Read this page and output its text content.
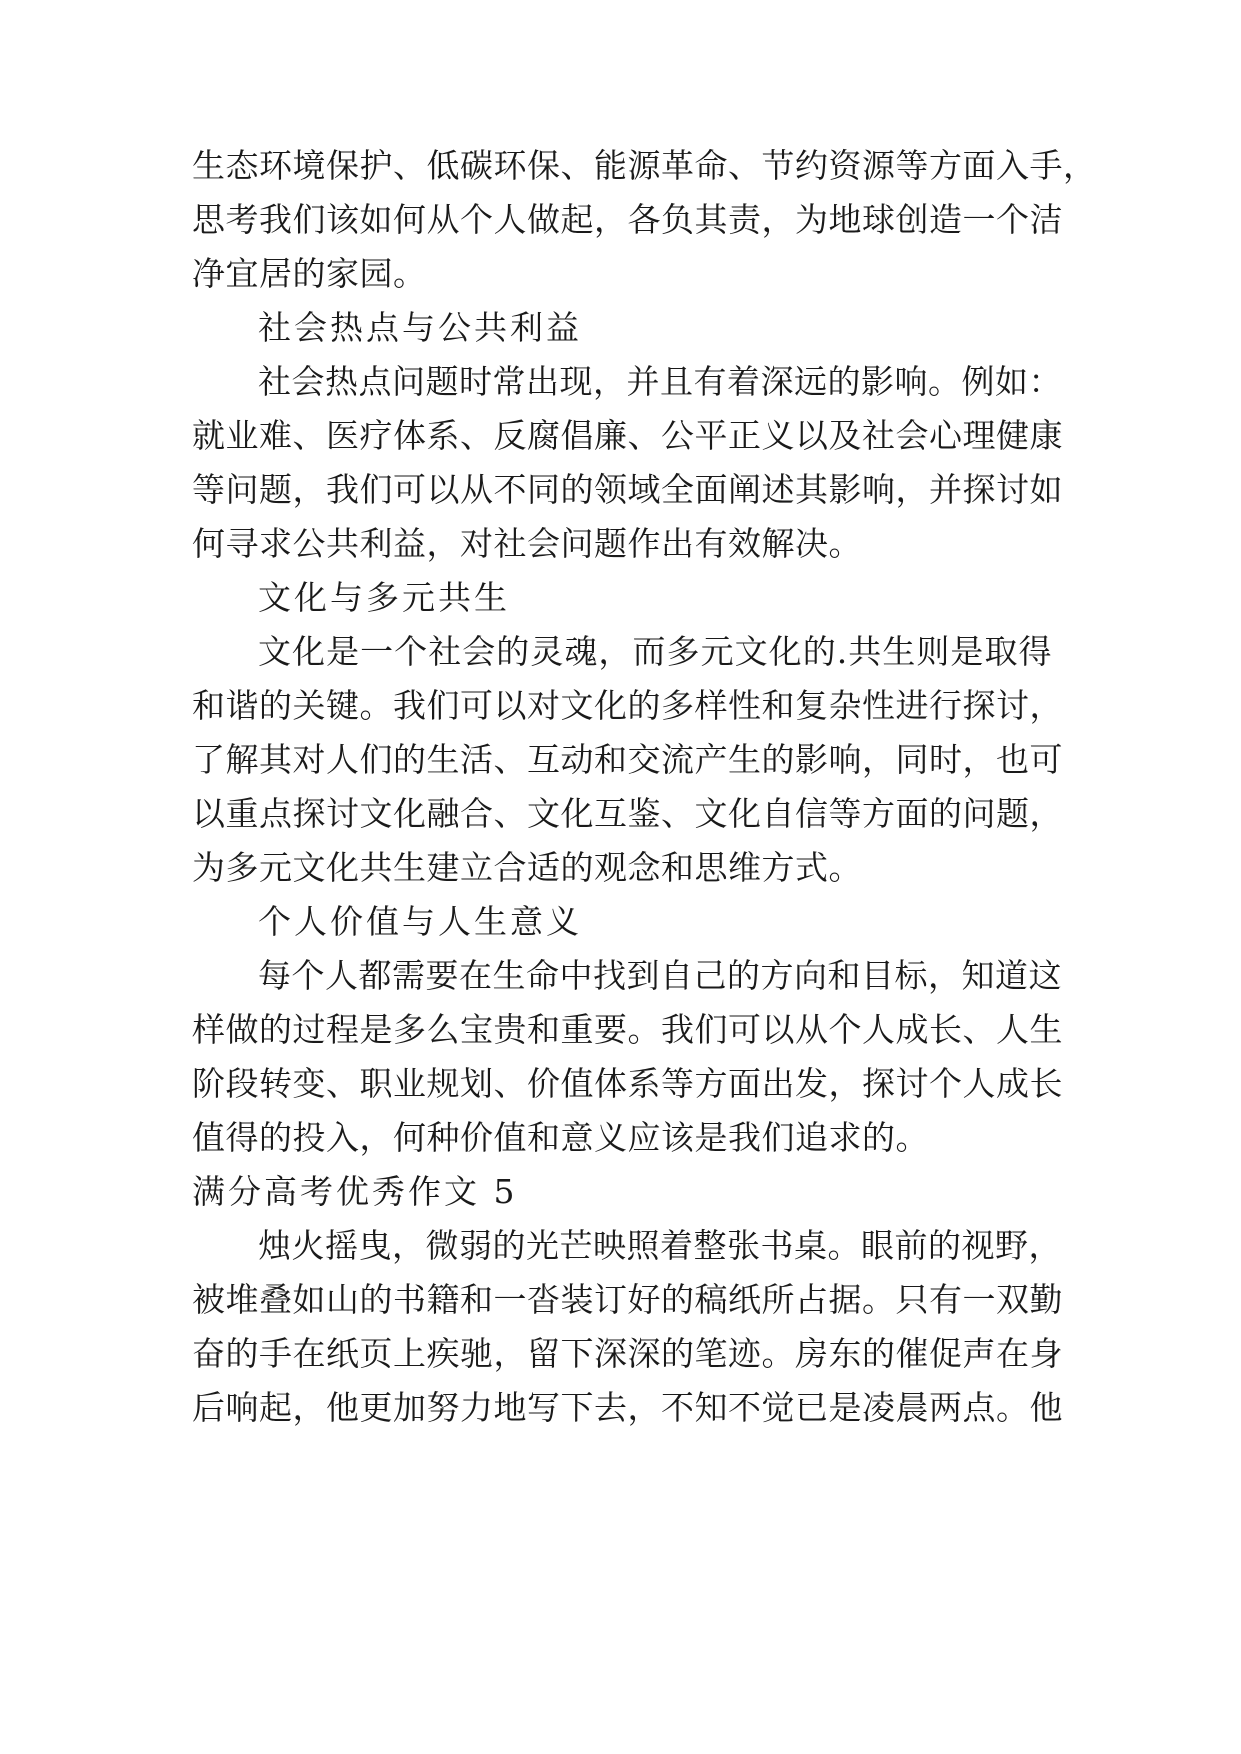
生态环境保护、低碳环保、能源革命、节约资源等方面入手，
思考我们该如何从个人做起，各负其责，为地球创造一个洁
净宜居的家园。
社会热点与公共利益
社会热点问题时常出现，并且有着深远的影响。例如：
就业难、医疗体系、反腐倡廉、公平正义以及社会心理健康
等问题，我们可以从不同的领域全面阐述其影响，并探讨如
何寻求公共利益，对社会问题作出有效解决。
文化与多元共生
文化是一个社会的灵魂，而多元文化的.共生则是取得
和谐的关键。我们可以对文化的多样性和复杂性进行探讨，
了解其对人们的生活、互动和交流产生的影响，同时，也可
以重点探讨文化融合、文化互鉴、文化自信等方面的问题，
为多元文化共生建立合适的观念和思维方式。
个人价值与人生意义
每个人都需要在生命中找到自己的方向和目标，知道这
样做的过程是多么宝贵和重要。我们可以从个人成长、人生
阶段转变、职业规划、价值体系等方面出发，探讨个人成长
值得的投入，何种价值和意义应该是我们追求的。
满分高考优秀作文 5
烛火摇曳，微弱的光芒映照着整张书桌。眼前的视野，
被堆叠如山的书籍和一沓装订好的稿纸所占据。只有一双勤
奋的手在纸页上疾驰，留下深深的笔迹。房东的催促声在身
后响起，他更加努力地写下去，不知不觉已是凌晨两点。他
